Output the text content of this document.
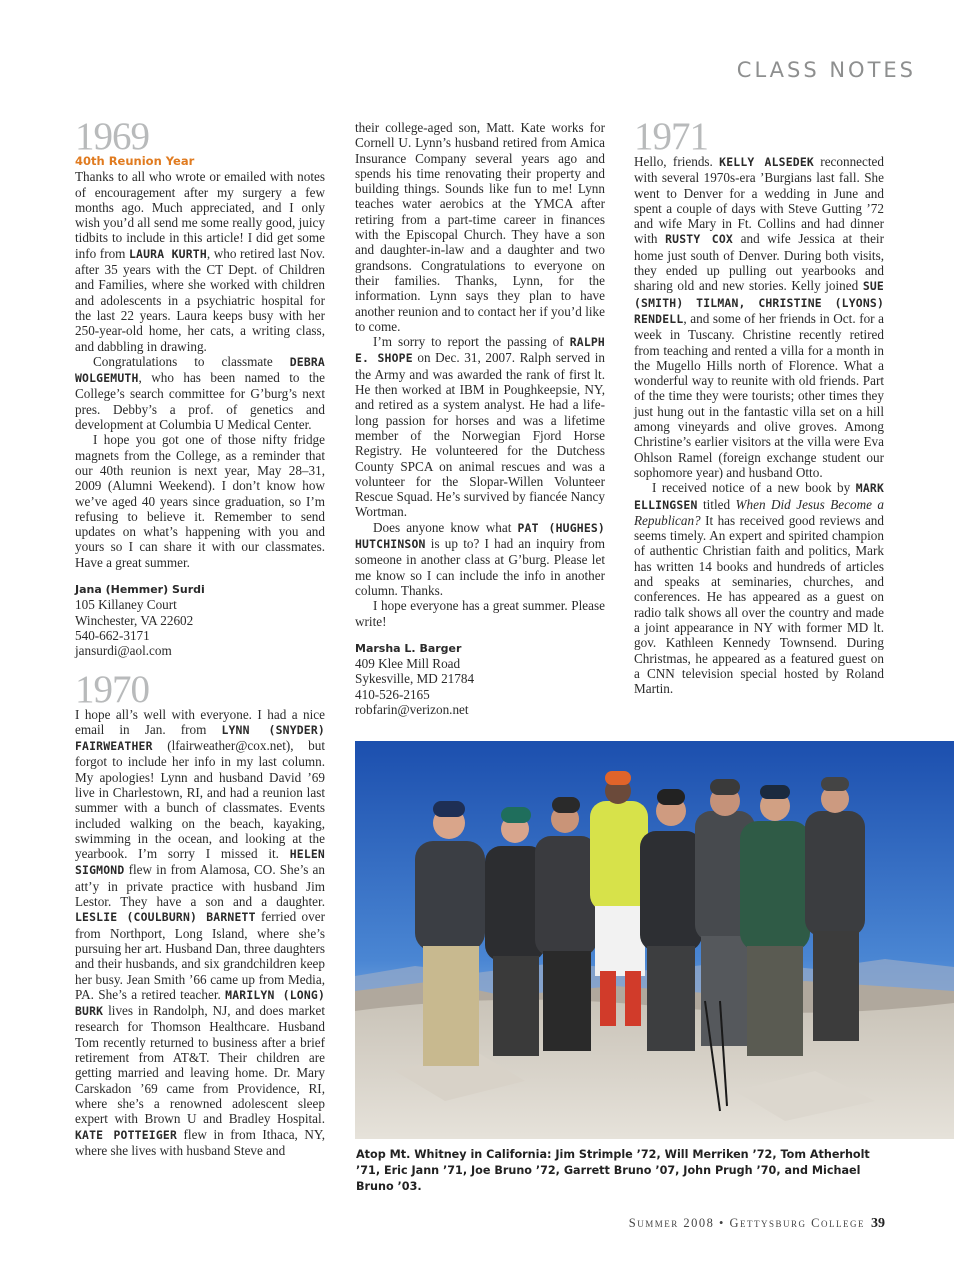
CLASS NOTES
1969
40th Reunion Year

Thanks to all who wrote or emailed with notes of encouragement after my surgery a few months ago. Much appreciated, and I only wish you’d all send me some really good, juicy tidbits to include in this article! I did get some info from LAURA KURTH, who retired last Nov. after 35 years with the CT Dept. of Children and Families, where she worked with children and adolescents in a psychiatric hospital for the last 22 years. Laura keeps busy with her 250-year-old home, her cats, a writing class, and dabbling in drawing.

Congratulations to classmate DEBRA WOLGEMUTH, who has been named to the College’s search committee for G’burg’s next pres. Debby’s a prof. of genetics and development at Columbia U Medical Center.

I hope you got one of those nifty fridge magnets from the College, as a reminder that our 40th reunion is next year, May 28–31, 2009 (Alumni Weekend). I don’t know how we’ve aged 40 years since graduation, so I’m refusing to believe it. Remember to send updates on what’s happening with you and yours so I can share it with our classmates. Have a great summer.

Jana (Hemmer) Surdi
105 Killaney Court
Winchester, VA 22602
540-662-3171
jansurdi@aol.com

1970

I hope all’s well with everyone. I had a nice email in Jan. from LYNN (SNYDER) FAIRWEATHER (lfairweather@cox.net), but forgot to include her info in my last column. My apologies! Lynn and husband David ’69 live in Charlestown, RI, and had a reunion last summer with a bunch of classmates. Events included walking on the beach, kayaking, swimming in the ocean, and looking at the yearbook. I’m sorry I missed it. HELEN SIGMOND flew in from Alamosa, CO. She’s an att’y in private practice with husband Jim Lestor. They have a son and a daughter. LESLIE (COULBURN) BARNETT ferried over from Northport, Long Island, where she’s pursuing her art. Husband Dan, three daughters and their husbands, and six grandchildren keep her busy. Jean Smith ’66 came up from Media, PA. She’s a retired teacher. MARILYN (LONG) BURK lives in Randolph, NJ, and does market research for Thomson Healthcare. Husband Tom recently returned to business after a brief retirement from AT&T. Their children are getting married and leaving home. Dr. Mary Carskadon ’69 came from Providence, RI, where she’s a renowned adolescent sleep expert with Brown U and Bradley Hospital. KATE POTTEIGER flew in from Ithaca, NY, where she lives with husband Steve and

their college-aged son, Matt. Kate works for Cornell U. Lynn’s husband retired from Amica Insurance Company several years ago and spends his time renovating their property and building things. Sounds like fun to me! Lynn teaches water aerobics at the YMCA after retiring from a part-time career in finances with the Episcopal Church. They have a son and daughter-in-law and a daughter and two grandsons. Congratulations to everyone on their families. Thanks, Lynn, for the information. Lynn says they plan to have another reunion and to contact her if you’d like to come.

I’m sorry to report the passing of RALPH E. SHOPE on Dec. 31, 2007. Ralph served in the Army and was awarded the rank of first lt. He then worked at IBM in Poughkeepsie, NY, and retired as a system analyst. He had a life-long passion for horses and was a lifetime member of the Norwegian Fjord Horse Registry. He volunteered for the Dutchess County SPCA on animal rescues and was a volunteer for the Slopar-Willen Volunteer Rescue Squad. He’s survived by fiancée Nancy Wortman.

Does anyone know what PAT (HUGHES) HUTCHINSON is up to? I had an inquiry from someone in another class at G’burg. Please let me know so I can include the info in another column. Thanks.

I hope everyone has a great summer. Please write!

Marsha L. Barger
409 Klee Mill Road
Sykesville, MD 21784
410-526-2165
robfarin@verizon.net

1971

Hello, friends. KELLY ALSEDEK reconnected with several 1970s-era ’Burgians last fall. She went to Denver for a wedding in June and spent a couple of days with Steve Gutting ’72 and wife Mary in Ft. Collins and had dinner with RUSTY COX and wife Jessica at their home just south of Denver. During both visits, they ended up pulling out yearbooks and sharing old and new stories. Kelly joined SUE (SMITH) TILMAN, CHRISTINE (LYONS) RENDELL, and some of her friends in Oct. for a week in Tuscany. Christine recently retired from teaching and rented a villa for a month in the Mugello Hills north of Florence. What a wonderful way to reunite with old friends. Part of the time they were tourists; other times they just hung out in the fantastic villa set on a hill among vineyards and olive groves. Among Christine’s earlier visitors at the villa were Eva Ohlson Ramel (foreign exchange student our sophomore year) and husband Otto.

I received notice of a new book by MARK ELLINGSEN titled When Did Jesus Become a Republican? It has received good reviews and seems timely. An expert and spirited champion of authentic Christian faith and politics, Mark has written 14 books and hundreds of articles and speaks at seminaries, churches, and conferences. He has appeared as a guest on radio talk shows all over the country and made a joint appearance in NY with former MD lt. gov. Kathleen Kennedy Townsend. During Christmas, he appeared as a featured guest on a CNN television special hosted by Roland Martin.

Atop Mt. Whitney in California: Jim Strimple ’72, Will Merriken ’72, Tom Atherholt ’71, Eric Jann ’71, Joe Bruno ’72, Garrett Bruno ’07, John Prugh ’70, and Michael Bruno ’03.
Summer 2008 • Gettysburg College 39
